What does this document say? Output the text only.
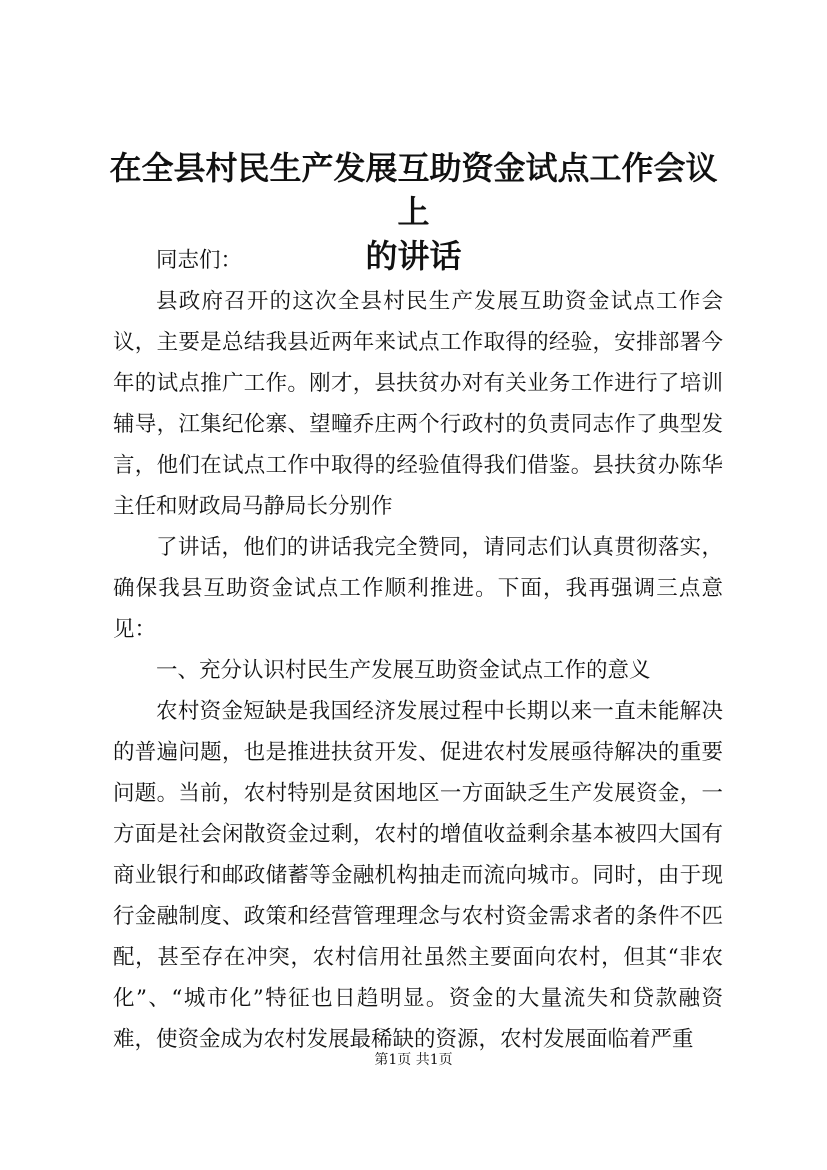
在全县村民生产发展互助资金试点工作会议上
的讲话

同志们：

县政府召开的这次全县村民生产发展互助资金试点工作会议，主要是总结我县近两年来试点工作取得的经验，安排部署今年的试点推广工作。刚才，县扶贫办对有关业务工作进行了培训辅导，江集纪伦寨、望疃乔庄两个行政村的负责同志作了典型发言，他们在试点工作中取得的经验值得我们借鉴。县扶贫办陈华主任和财政局马静局长分别作

了讲话，他们的讲话我完全赞同，请同志们认真贯彻落实，确保我县互助资金试点工作顺利推进。下面，我再强调三点意见：

一、充分认识村民生产发展互助资金试点工作的意义

农村资金短缺是我国经济发展过程中长期以来一直未能解决的普遍问题，也是推进扶贫开发、促进农村发展亟待解决的重要问题。当前，农村特别是贫困地区一方面缺乏生产发展资金，一方面是社会闲散资金过剩，农村的增值收益剩余基本被四大国有商业银行和邮政储蓄等金融机构抽走而流向城市。同时，由于现行金融制度、政策和经营管理理念与农村资金需求者的条件不匹配，甚至存在冲突，农村信用社虽然主要面向农村，但其“非农化”、“城市化”特征也日趋明显。资金的大量流失和贷款融资难，使资金成为农村发展最稀缺的资源，农村发展面临着严重

第1页 共1页
